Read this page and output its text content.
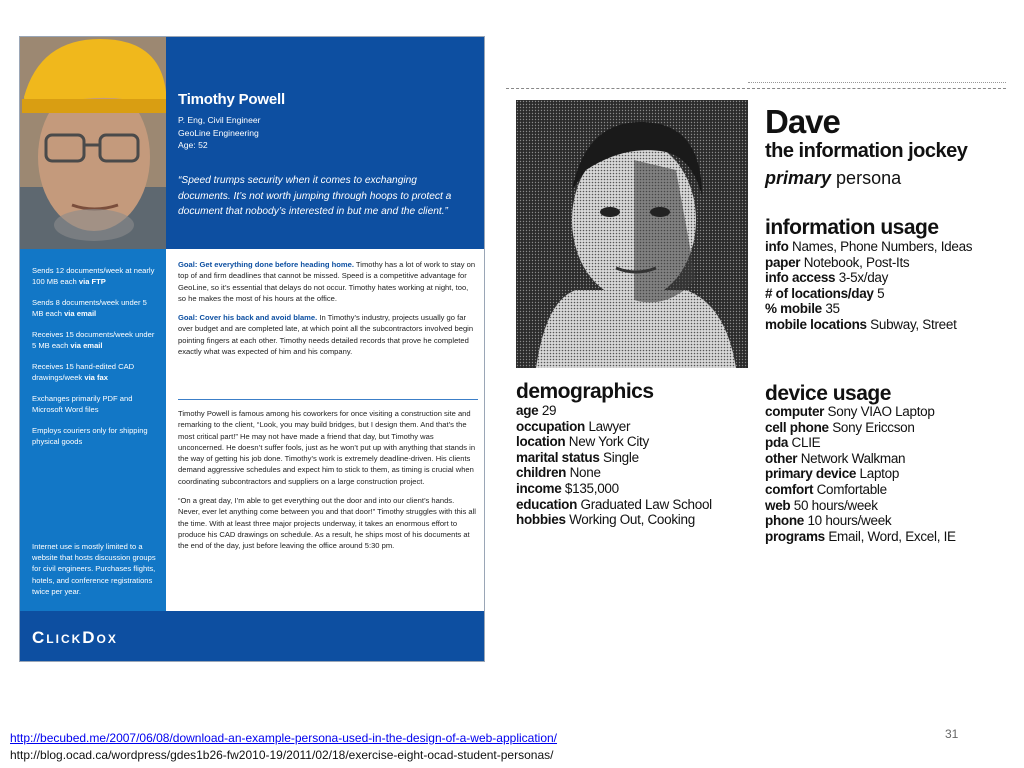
Timothy Powell
P. Eng, Civil Engineer
GeoLine Engineering
Age: 52
“Speed trumps security when it comes to exchanging documents. It’s not worth jumping through hoops to protect a document that nobody’s interested in but me and the client.”
Sends 12 documents/week at nearly 100 MB each via FTP
Sends 8 documents/week under 5 MB each via email
Receives 15 documents/week under 5 MB each via email
Receives 15 hand-edited CAD drawings/week via fax
Exchanges primarily PDF and Microsoft Word files
Employs couriers only for shipping physical goods
Internet use is mostly limited to a website that hosts discussion groups for civil engineers. Purchases flights, hotels, and conference registrations twice per year.

Goal: Get everything done before heading home. Timothy has a lot of work to stay on top of and firm deadlines that cannot be missed. Speed is a competitive advantage for GeoLine, so it’s essential that delays do not occur. Timothy hates working at night, too, so he makes the most of his hours at the office.

Goal: Cover his back and avoid blame. In Timothy’s industry, projects usually go far over budget and are completed late, at which point all the subcontractors involved begin pointing fingers at each other. Timothy needs detailed records that prove he completed exactly what was expected of him and his company.

Timothy Powell is famous among his coworkers for once visiting a construction site and remarking to the client, “Look, you may build bridges, but I design them. And that’s the most critical part!” He may not have made a friend that day, but Timothy was unconcerned. He doesn’t suffer fools, just as he won’t put up with anything that stands in the way of getting his job done. Timothy’s work is extremely deadline-driven. His clients demand aggressive schedules and expect him to stick to them, as timing is crucial when coordinating subcontractors and suppliers on a large construction project.

“On a great day, I’m able to get everything out the door and into our client’s hands. Never, ever let anything come between you and that door!” Timothy struggles with this all the time. With at least three major projects underway, it takes an enormous effort to produce his CAD drawings on schedule. As a result, he ships most of his documents at the end of the day, just before leaving the office around 5:30 pm.

ClickDox
Dave
the information jockey
primary persona
information usage
info Names, Phone Numbers, Ideas
paper Notebook, Post-Its
info access 3-5x/day
# of locations/day 5
% mobile 35
mobile locations Subway, Street
demographics
age 29
occupation Lawyer
location New York City
marital status Single
children None
income $135,000
education Graduated Law School
hobbies Working Out, Cooking
device usage
computer Sony VIAO Laptop
cell phone Sony Ericcson
pda CLIE
other Network Walkman
primary device Laptop
comfort Comfortable
web 50 hours/week
phone 10 hours/week
programs Email, Word, Excel, IE
http://becubed.me/2007/06/08/download-an-example-persona-used-in-the-design-of-a-web-application/
http://blog.ocad.ca/wordpress/gdes1b26-fw2010-19/2011/02/18/exercise-eight-ocad-student-personas/
31
